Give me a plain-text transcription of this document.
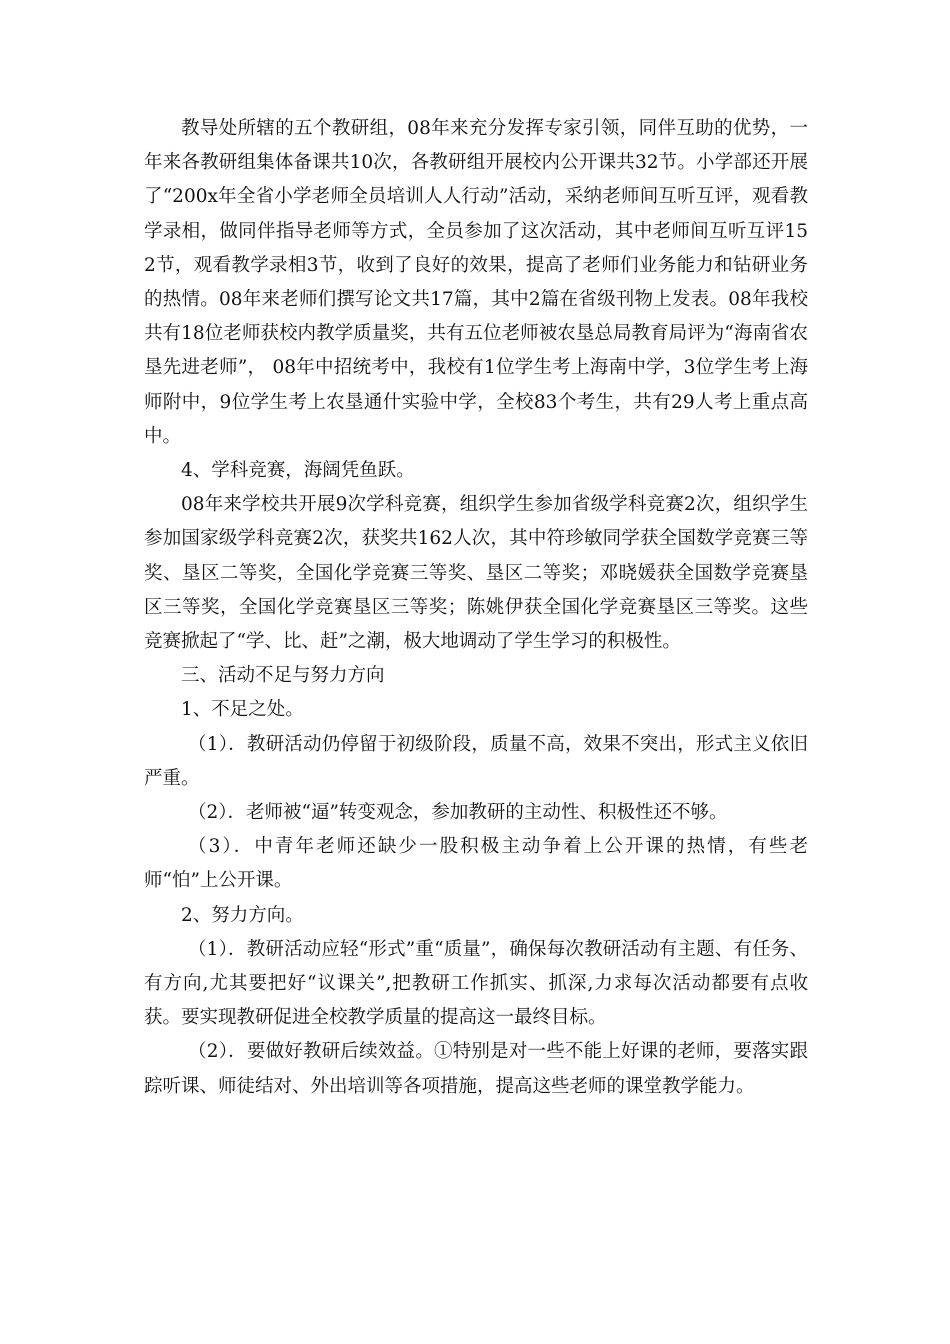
教导处所辖的五个教研组，08年来充分发挥专家引领，同伴互助的优势，一年来各教研组集体备课共10次，各教研组开展校内公开课共32节。小学部还开展了“200x年全省小学老师全员培训人人行动”活动，采纳老师间互听互评，观看教学录相，做同伴指导老师等方式，全员参加了这次活动，其中老师间互听互评152节，观看教学录相3节，收到了良好的效果，提高了老师们业务能力和钻研业务的热情。08年来老师们撰写论文共17篇，其中2篇在省级刊物上发表。08年我校共有18位老师获校内教学质量奖，共有五位老师被农垦总局教育局评为“海南省农垦先进老师”， 08年中招统考中，我校有1位学生考上海南中学，3位学生考上海师附中，9位学生考上农垦通什实验中学，全校83个考生，共有29人考上重点高中。

4、学科竞赛，海阔凭鱼跃。

08年来学校共开展9次学科竞赛，组织学生参加省级学科竞赛2次，组织学生参加国家级学科竞赛2次，获奖共162人次，其中符珍敏同学获全国数学竞赛三等奖、垦区二等奖，全国化学竞赛三等奖、垦区二等奖；邓晓媛获全国数学竞赛垦区三等奖，全国化学竞赛垦区三等奖；陈姚伊获全国化学竞赛垦区三等奖。这些竞赛掀起了“学、比、赶”之潮，极大地调动了学生学习的积极性。

三、活动不足与努力方向

1、不足之处。

（1）．教研活动仍停留于初级阶段，质量不高，效果不突出，形式主义依旧严重。

（2）．老师被“逼”转变观念，参加教研的主动性、积极性还不够。

（3）．中青年老师还缺少一股积极主动争着上公开课的热情，有些老师“怕”上公开课。

2、努力方向。

（1）．教研活动应轻“形式”重“质量”，确保每次教研活动有主题、有任务、有方向,尤其要把好“议课关”,把教研工作抓实、抓深,力求每次活动都要有点收获。要实现教研促进全校教学质量的提高这一最终目标。

（2）．要做好教研后续效益。①特别是对一些不能上好课的老师，要落实跟踪听课、师徒结对、外出培训等各项措施，提高这些老师的课堂教学能力。
